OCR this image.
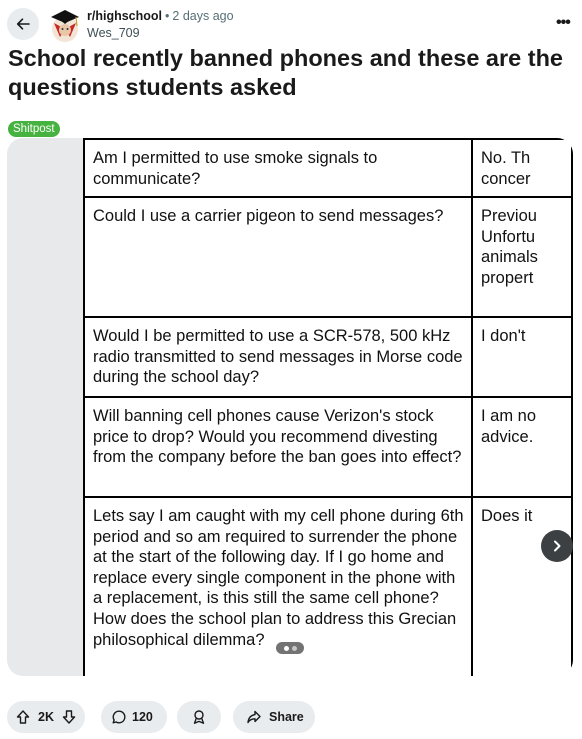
r/highschool • 2 days ago
Wes_709
•••
School recently banned phones and these are the questions students asked
Shitpost
Am I permitted to use smoke signals to communicate?	No. Th
concer
Could I use a carrier pigeon to send messages?	Previou
Unfortu
animals
propert
Would I be permitted to use a SCR-578, 500 kHz radio transmitted to send messages in Morse code during the school day?	I don't
Will banning cell phones cause Verizon's stock price to drop? Would you recommend divesting from the company before the ban goes into effect?	I am no
advice.
Lets say I am caught with my cell phone during 6th period and so am required to surrender the phone at the start of the following day. If I go home and replace every single component in the phone with a replacement, is this still the same cell phone? How does the school plan to address this Grecian philosophical dilemma?	Does it
2K	120	Share
